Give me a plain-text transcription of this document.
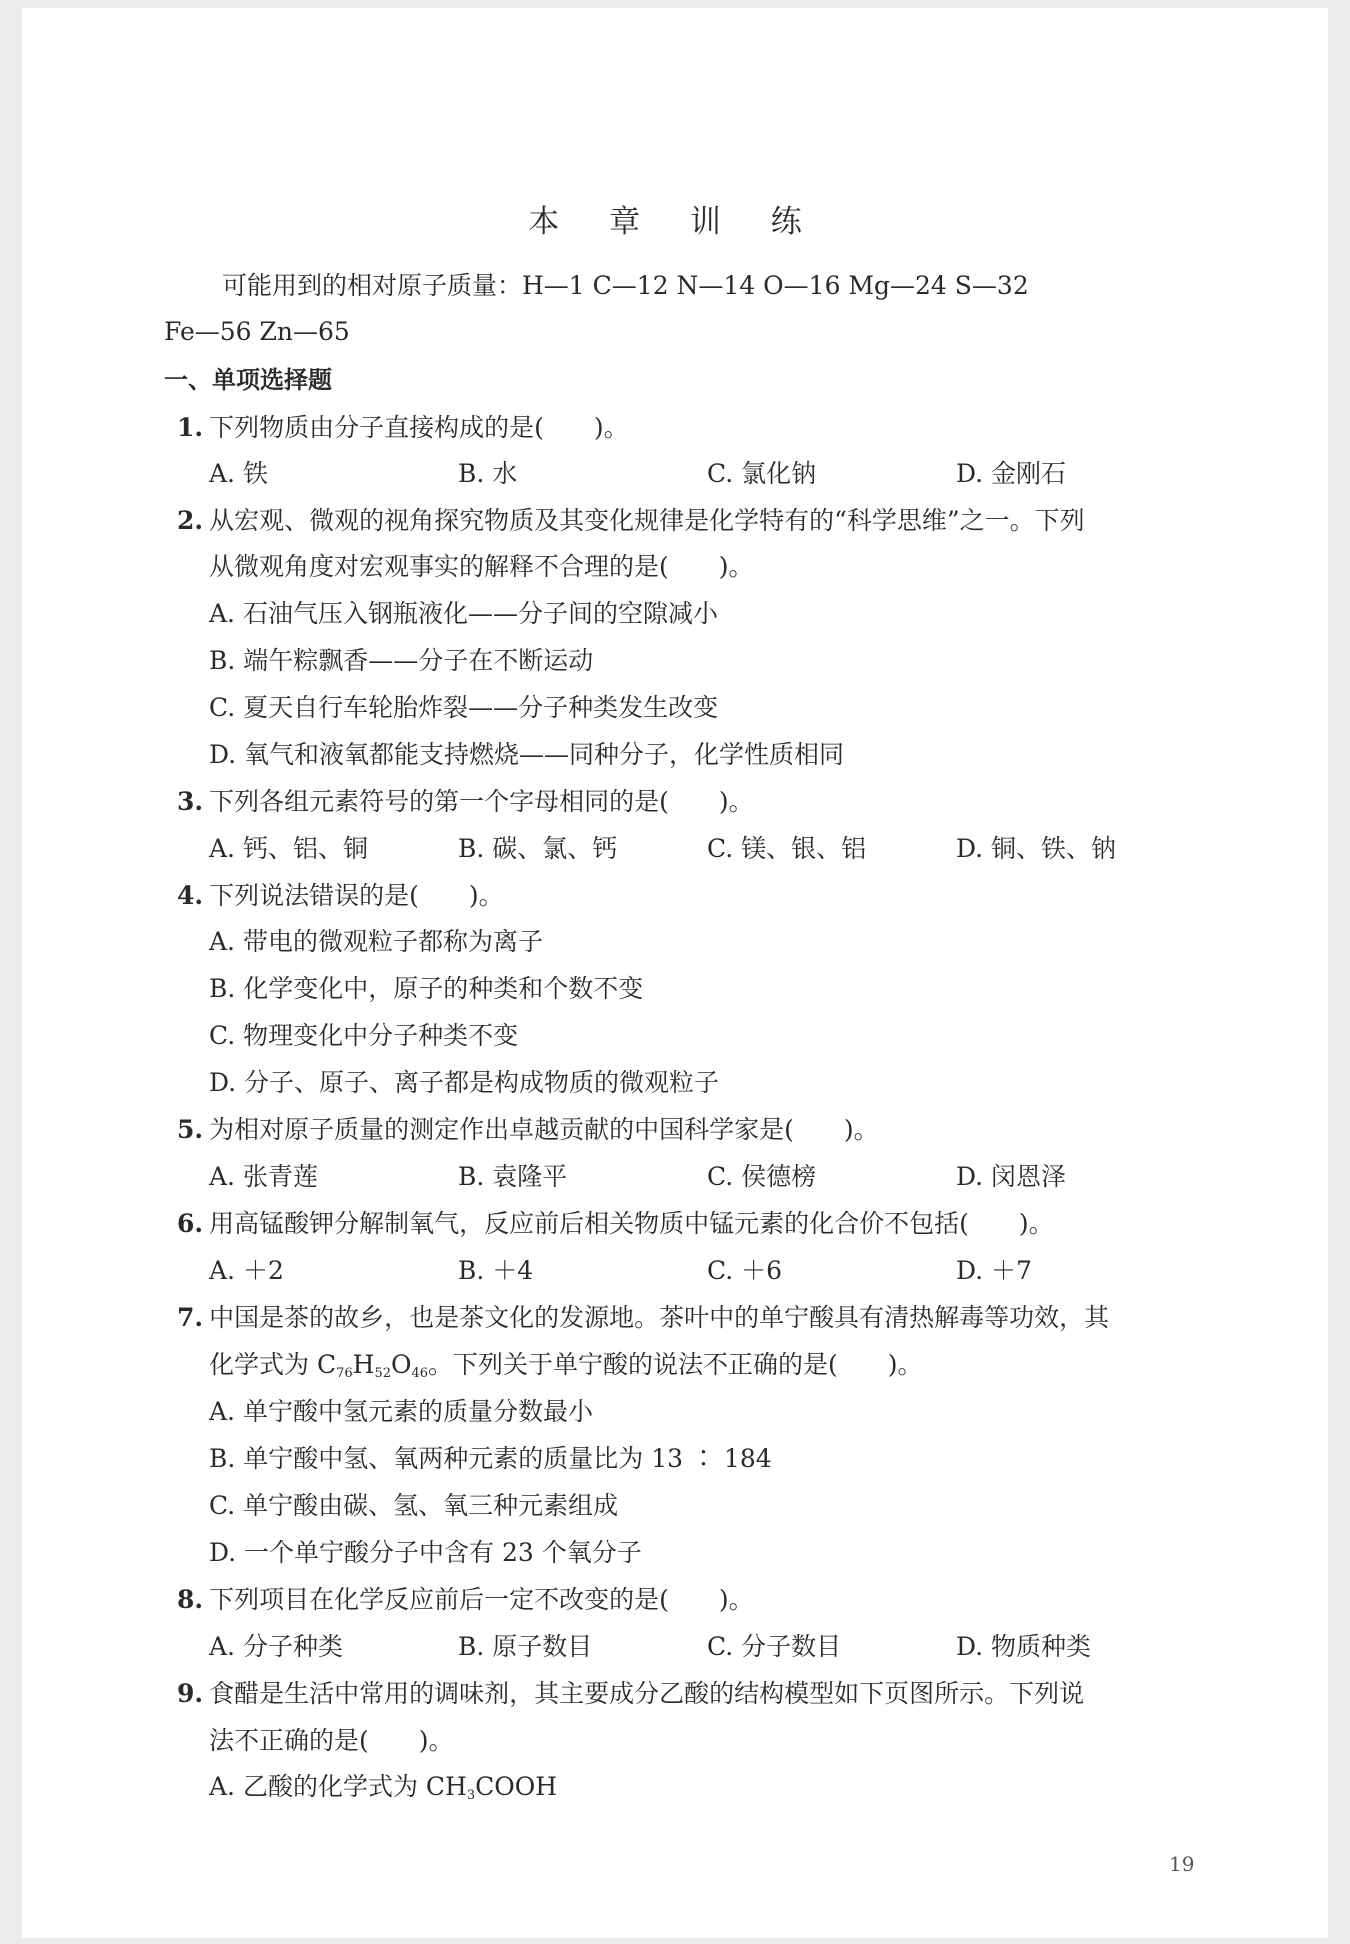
本 章 训 练
可能用到的相对原子质量：H—1 C—12 N—14 O—16 Mg—24 S—32
Fe—56 Zn—65
一、单项选择题
1. 下列物质由分子直接构成的是(　　)。
A. 铁	B. 水	C. 氯化钠	D. 金刚石
2. 从宏观、微观的视角探究物质及其变化规律是化学特有的“科学思维”之一。下列
从微观角度对宏观事实的解释不合理的是(　　)。
A. 石油气压入钢瓶液化——分子间的空隙减小
B. 端午粽飘香——分子在不断运动
C. 夏天自行车轮胎炸裂——分子种类发生改变
D. 氧气和液氧都能支持燃烧——同种分子，化学性质相同
3. 下列各组元素符号的第一个字母相同的是(　　)。
A. 钙、铝、铜	B. 碳、氯、钙	C. 镁、银、铝	D. 铜、铁、钠
4. 下列说法错误的是(　　)。
A. 带电的微观粒子都称为离子
B. 化学变化中，原子的种类和个数不变
C. 物理变化中分子种类不变
D. 分子、原子、离子都是构成物质的微观粒子
5. 为相对原子质量的测定作出卓越贡献的中国科学家是(　　)。
A. 张青莲	B. 袁隆平	C. 侯德榜	D. 闵恩泽
6. 用高锰酸钾分解制氧气，反应前后相关物质中锰元素的化合价不包括(　　)。
A. ＋2	B. ＋4	C. ＋6	D. ＋7
7. 中国是茶的故乡，也是茶文化的发源地。茶叶中的单宁酸具有清热解毒等功效，其
化学式为 $C_{76}H_{52}O_{46}$。下列关于单宁酸的说法不正确的是(　　)。
A. 单宁酸中氢元素的质量分数最小
B. 单宁酸中氢、氧两种元素的质量比为 13 ∶ 184
C. 单宁酸由碳、氢、氧三种元素组成
D. 一个单宁酸分子中含有 23 个氧分子
8. 下列项目在化学反应前后一定不改变的是(　　)。
A. 分子种类	B. 原子数目	C. 分子数目	D. 物质种类
9. 食醋是生活中常用的调味剂，其主要成分乙酸的结构模型如下页图所示。下列说
法不正确的是(　　)。
A. 乙酸的化学式为 $CH_3COOH$
19
